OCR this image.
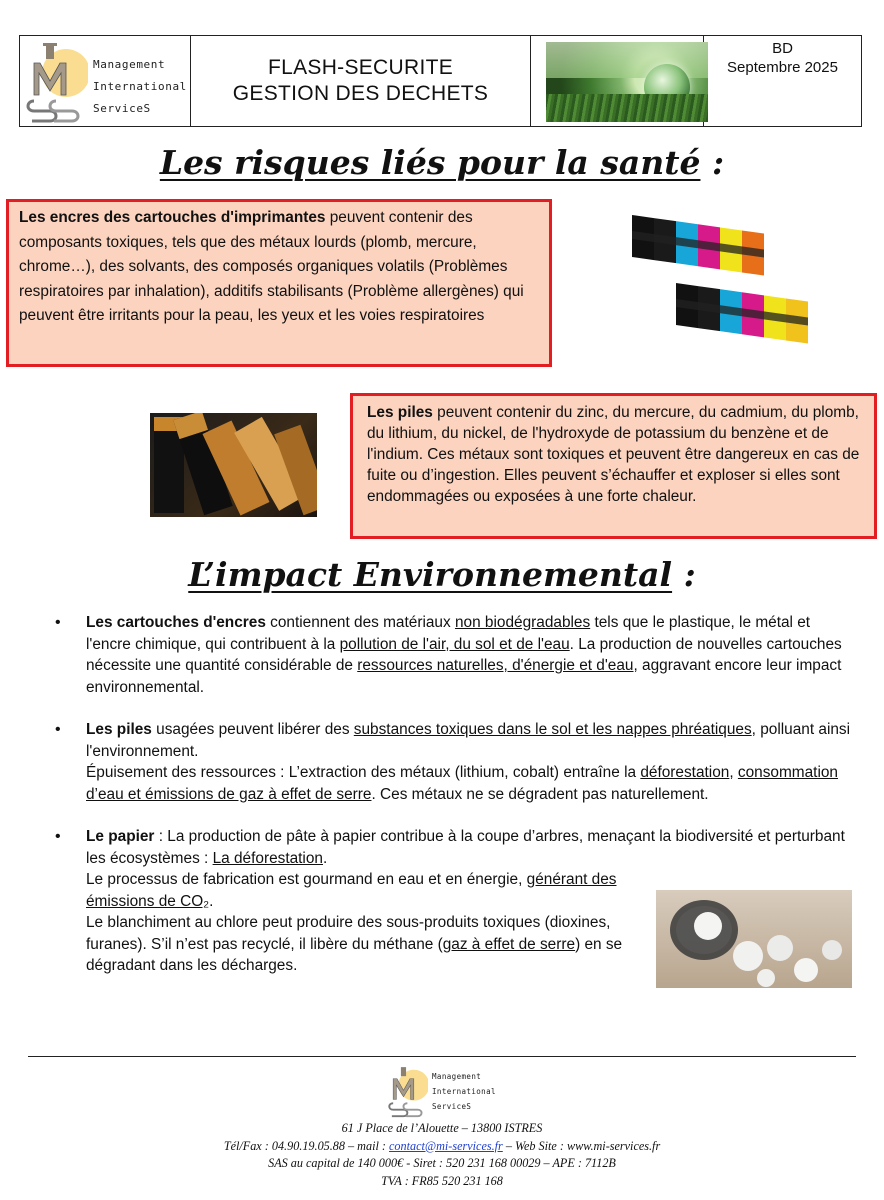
Management
International
ServiceS
FLASH-SECURITE
GESTION DES DECHETS
BD
Septembre 2025
Les risques liés pour la santé :
Les encres des cartouches d'imprimantes peuvent contenir des composants toxiques, tels que des métaux lourds (plomb, mercure, chrome…), des solvants, des composés organiques volatils (Problèmes respiratoires par inhalation), additifs stabilisants (Problème allergènes) qui peuvent être irritants pour la peau, les yeux et les voies respiratoires
Les piles peuvent contenir du zinc, du mercure, du cadmium, du plomb, du lithium, du nickel, de l'hydroxyde de potassium du benzène et de l'indium. Ces métaux sont toxiques et peuvent être dangereux en cas de fuite ou d’ingestion. Elles peuvent s’échauffer et exploser si elles sont endommagées ou exposées à une forte chaleur.
L’impact Environnemental :
• Les cartouches d'encres contiennent des matériaux non biodégradables tels que le plastique, le métal et l'encre chimique, qui contribuent à la pollution de l'air, du sol et de l'eau. La production de nouvelles cartouches nécessite une quantité considérable de ressources naturelles, d'énergie et d'eau, aggravant encore leur impact environnemental.

• Les piles usagées peuvent libérer des substances toxiques dans le sol et les nappes phréatiques, polluant ainsi l'environnement.

Épuisement des ressources : L’extraction des métaux (lithium, cobalt) entraîne la déforestation, consommation d’eau et émissions de gaz à effet de serre. Ces métaux ne se dégradent pas naturellement.

• Le papier : La production de pâte à papier contribue à la coupe d’arbres, menaçant la biodiversité et perturbant les écosystèmes : La déforestation.

Le processus de fabrication est gourmand en eau et en énergie, générant des émissions de CO₂.

Le blanchiment au chlore peut produire des sous-produits toxiques (dioxines, furanes). S’il n’est pas recyclé, il libère du méthane (gaz à effet de serre) en se dégradant dans les décharges.

Management
International
ServiceS
61 J Place de l’Alouette – 13800 ISTRES
Tél/Fax : 04.90.19.05.88 – mail : contact@mi-services.fr – Web Site : www.mi-services.fr
SAS au capital de 140 000€ - Siret : 520 231 168 00029 – APE : 7112B
TVA : FR85 520 231 168
